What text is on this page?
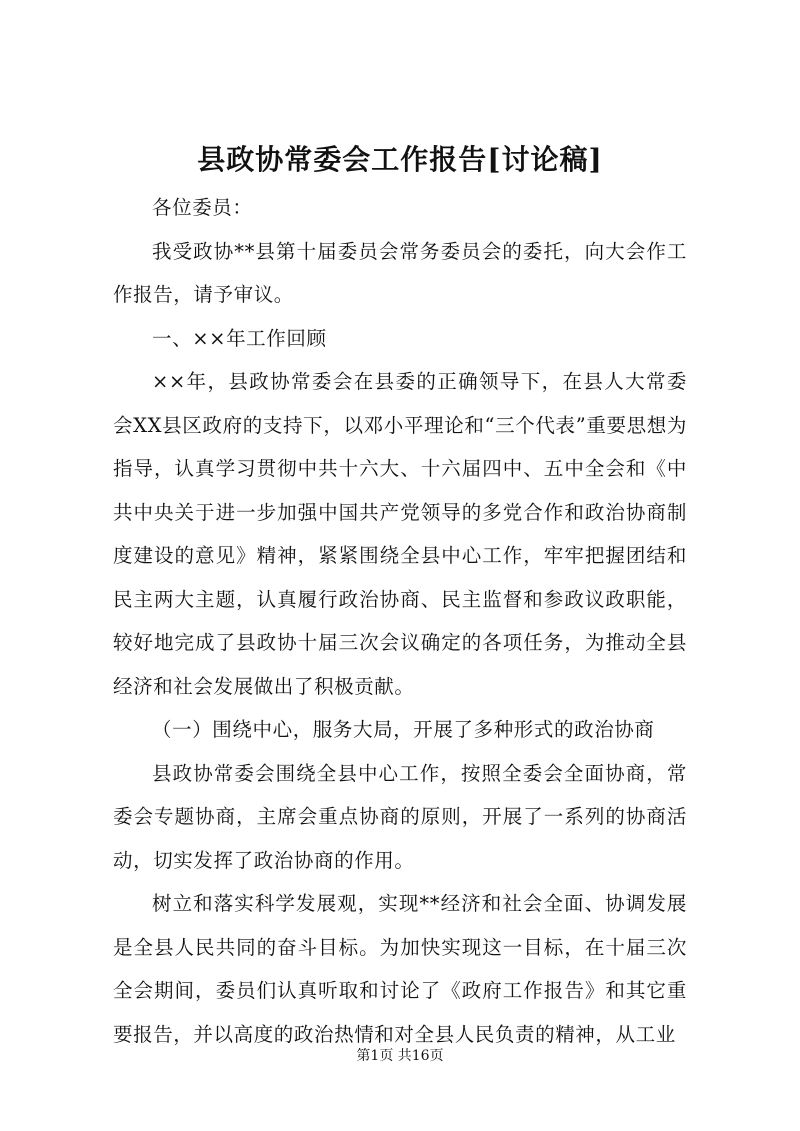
县政协常委会工作报告[讨论稿]

各位委员：

我受政协**县第十届委员会常务委员会的委托，向大会作工作报告，请予审议。

一、××年工作回顾

××年，县政协常委会在县委的正确领导下，在县人大常委会XX县区政府的支持下，以邓小平理论和“三个代表”重要思想为指导，认真学习贯彻中共十六大、十六届四中、五中全会和《中共中央关于进一步加强中国共产党领导的多党合作和政治协商制度建设的意见》精神，紧紧围绕全县中心工作，牢牢把握团结和民主两大主题，认真履行政治协商、民主监督和参政议政职能，较好地完成了县政协十届三次会议确定的各项任务，为推动全县经济和社会发展做出了积极贡献。

（一）围绕中心，服务大局，开展了多种形式的政治协商

县政协常委会围绕全县中心工作，按照全委会全面协商，常委会专题协商，主席会重点协商的原则，开展了一系列的协商活动，切实发挥了政治协商的作用。

树立和落实科学发展观，实现**经济和社会全面、协调发展是全县人民共同的奋斗目标。为加快实现这一目标，在十届三次全会期间，委员们认真听取和讨论了《政府工作报告》和其它重要报告，并以高度的政治热情和对全县人民负责的精神，从工业

第1页 共16页
